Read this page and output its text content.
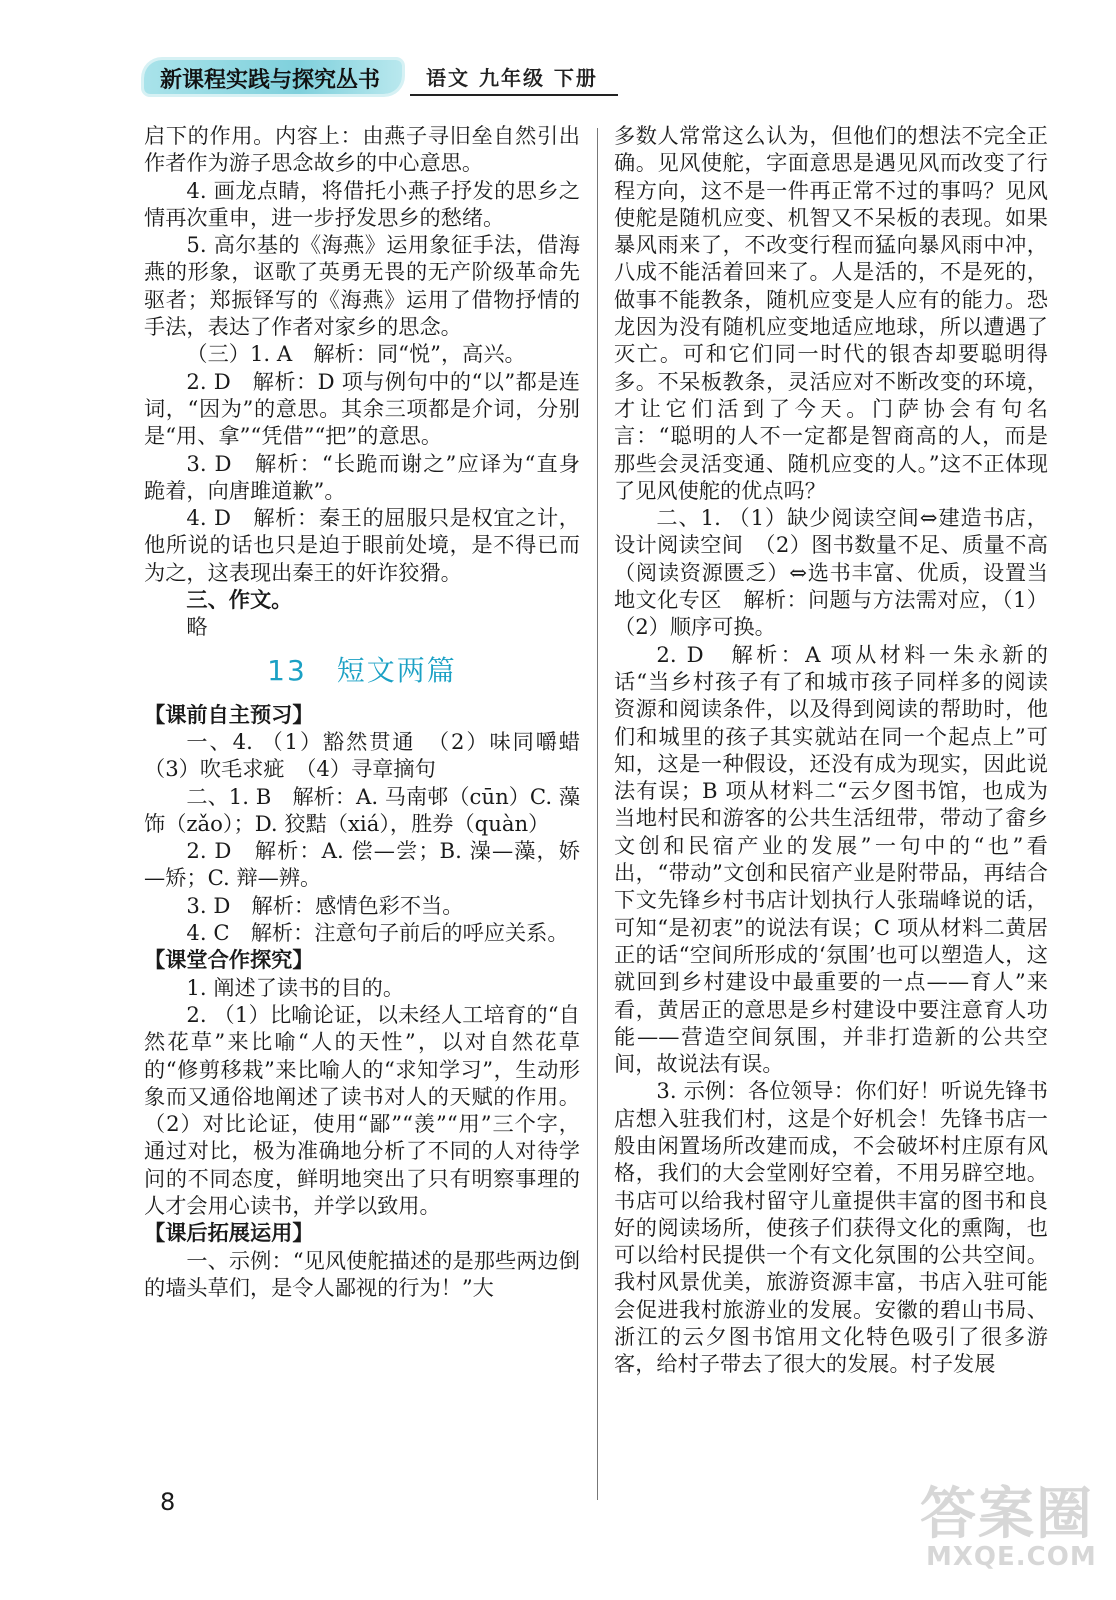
新课程实践与探究丛书 语文 九年级 下册

启下的作用。内容上：由燕子寻旧垒自然引出作者作为游子思念故乡的中心意思。

4. 画龙点睛，将借托小燕子抒发的思乡之情再次重申，进一步抒发思乡的愁绪。

5. 高尔基的《海燕》运用象征手法，借海燕的形象，讴歌了英勇无畏的无产阶级革命先驱者；郑振铎写的《海燕》运用了借物抒情的手法，表达了作者对家乡的思念。

（三）1. A　解析：同“悦”，高兴。

2. D　解析：D 项与例句中的“以”都是连词，“因为”的意思。其余三项都是介词，分别是“用、拿”“凭借”“把”的意思。

3. D　解析：“长跪而谢之”应译为“直身跪着，向唐雎道歉”。

4. D　解析：秦王的屈服只是权宜之计，他所说的话也只是迫于眼前处境，是不得已而为之，这表现出秦王的奸诈狡猾。

三、作文。

略

13　短文两篇

【课前自主预习】

一、4. （1）豁然贯通　（2）味同嚼蜡　（3）吹毛求疵　（4）寻章摘句

二、1. B　解析：A. 马南邨（cūn）C. 藻饰（zǎo）；D. 狡黠（xiá），胜券（quàn）

2. D　解析：A. 偿—尝；B. 澡—藻，娇—矫；C. 辩—辨。

3. D　解析：感情色彩不当。

4. C　解析：注意句子前后的呼应关系。

【课堂合作探究】

1. 阐述了读书的目的。

2. （1）比喻论证，以未经人工培育的“自然花草”来比喻“人的天性”，以对自然花草的“修剪移栽”来比喻人的“求知学习”，生动形象而又通俗地阐述了读书对人的天赋的作用。（2）对比论证，使用“鄙”“羡”“用”三个字，通过对比，极为准确地分析了不同的人对待学问的不同态度，鲜明地突出了只有明察事理的人才会用心读书，并学以致用。

【课后拓展运用】

一、示例：“见风使舵描述的是那些两边倒的墙头草们，是令人鄙视的行为！”大

多数人常常这么认为，但他们的想法不完全正确。见风使舵，字面意思是遇见风而改变了行程方向，这不是一件再正常不过的事吗？见风使舵是随机应变、机智又不呆板的表现。如果暴风雨来了，不改变行程而猛向暴风雨中冲，八成不能活着回来了。人是活的，不是死的，做事不能教条，随机应变是人应有的能力。恐龙因为没有随机应变地适应地球，所以遭遇了灭亡。可和它们同一时代的银杏却要聪明得多。不呆板教条，灵活应对不断改变的环境，才让它们活到了今天。门萨协会有句名言：“聪明的人不一定都是智商高的人，而是那些会灵活变通、随机应变的人。”这不正体现了见风使舵的优点吗？

二、1. （1）缺少阅读空间⇔建造书店，设计阅读空间　（2）图书数量不足、质量不高（阅读资源匮乏）⇔选书丰富、优质，设置当地文化专区　解析：问题与方法需对应，（1）（2）顺序可换。

2. D　解析：A 项从材料一朱永新的话“当乡村孩子有了和城市孩子同样多的阅读资源和阅读条件，以及得到阅读的帮助时，他们和城里的孩子其实就站在同一个起点上”可知，这是一种假设，还没有成为现实，因此说法有误；B 项从材料二“云夕图书馆，也成为当地村民和游客的公共生活纽带，带动了畲乡文创和民宿产业的发展”一句中的“也”看出，“带动”文创和民宿产业是附带品，再结合下文先锋乡村书店计划执行人张瑞峰说的话，可知“是初衷”的说法有误；C 项从材料二黄居正的话“空间所形成的‘氛围’也可以塑造人，这就回到乡村建设中最重要的一点——育人”来看，黄居正的意思是乡村建设中要注意育人功能——营造空间氛围，并非打造新的公共空间，故说法有误。

3. 示例：各位领导：你们好！听说先锋书店想入驻我们村，这是个好机会！先锋书店一般由闲置场所改建而成，不会破坏村庄原有风格，我们的大会堂刚好空着，不用另辟空地。书店可以给我村留守儿童提供丰富的图书和良好的阅读场所，使孩子们获得文化的熏陶，也可以给村民提供一个有文化氛围的公共空间。我村风景优美，旅游资源丰富，书店入驻可能会促进我村旅游业的发展。安徽的碧山书局、浙江的云夕图书馆用文化特色吸引了很多游客，给村子带去了很大的发展。村子发展

8	答案圈
MXQE.COM
